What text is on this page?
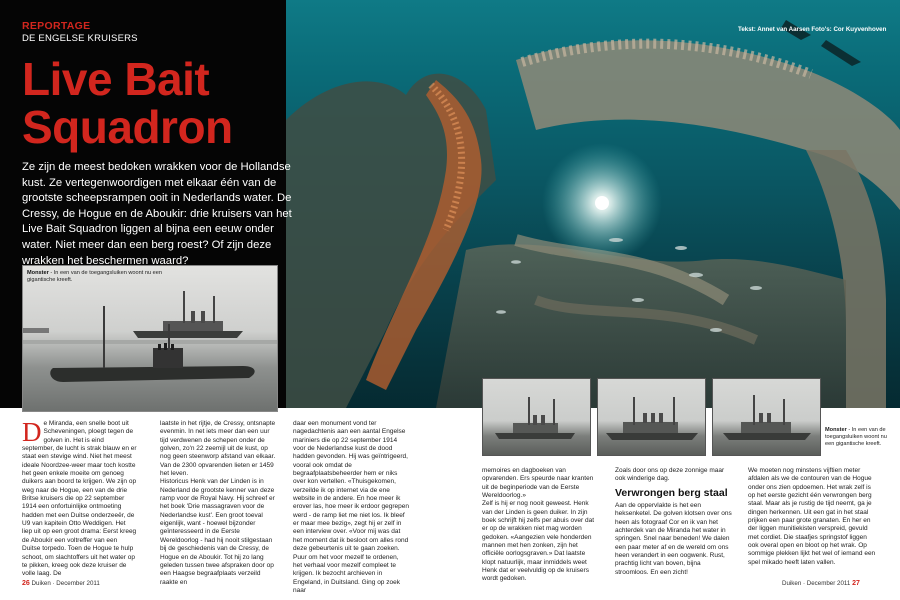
REPORTAGE
DE ENGELSE KRUISERS
Live Bait
Squadron
Ze zijn de meest bedoken wrakken voor de Hollandse kust. Ze vertegenwoordigen met elkaar één van de grootste scheepsrampen ooit in Nederlands water. De Cressy, de Hogue en de Aboukir: drie kruisers van het Live Bait Squadron liggen al bijna een eeuw onder water. Niet meer dan een berg roest? Of zijn deze wrakken het beschermen waard?
Tekst: Annet van Aarsen Foto's: Cor Kuyvenhoven
Monster - In een van de toegangsluiken woont nu een gigantische kreeft.
De Miranda, een snelle boot uit Scheveningen, ploegt tegen de golven in. Het is eind september, de lucht is strak blauw en er staat een stevige wind. Niet het meest ideale Noordzee-weer maar toch kostte het geen enkele moeite om genoeg duikers aan boord te krijgen. We zijn op weg naar de Hogue, een van de drie Britse kruisers die op 22 september 1914 een onfortuinlijke ontmoeting hadden met een Duitse onderzeeër, de U9 van kapitein Otto Weddigen. Het liep uit op een groot drama: Eerst kreeg de Aboukir een voltreffer van een Duitse torpedo. Toen de Hogue te hulp schoot, om slachtoffers uit het water op te pikken, kreeg ook deze kruiser de volle laag. De
laatste in het rijtje, de Cressy, ontsnapte evenmin. In net iets meer dan een uur tijd verdwenen de schepen onder de golven, zo'n 22 zeemijl uit de kust, op nog geen steenworp afstand van elkaar. Van de 2300 opvarenden lieten er 1459 het leven.
Historicus Henk van der Linden is in Nederland de grootste kenner van deze ramp voor de Royal Navy. Hij schreef er het boek 'Drie massagraven voor de Nederlandse kust'. Een groot toeval eigenlijk, want - hoewel bijzonder geïnteresseerd in de Eerste Wereldoorlog - had hij nooit stilgestaan bij de geschiedenis van de Cressy, de Hogue en de Aboukir. Tot hij zo lang geleden tussen twee afspraken door op een Haagse begraafplaats verzeild raakte en
daar een monument vond ter nagedachtenis aan een aantal Engelse mariniers die op 22 september 1914 voor de Nederlandse kust de dood hadden gevonden. Hij was geïntrigeerd, vooral ook omdat de begraafplaatsbeheerder hem er niks over kon vertellen. «Thuisgekomen, verzeilde ik op internet via de ene website in de andere. En hoe meer ik erover las, hoe meer ik erdoor gegrepen werd - de ramp liet me niet los. Ik bleef er maar mee bezig», zegt hij er zelf in een interview over. «Voor mij was dat het moment dat ik besloot om alles rond deze gebeurtenis uit te gaan zoeken. Puur om het voor mezelf te ordenen, het verhaal voor mezelf compleet te krijgen. Ik bezocht archieven in Engeland, in Duitsland. Ging op zoek naar
memoires en dagboeken van opvarenden. Ers speurde naar kranten uit de beginperiode van de Eerste Wereldoorlog.»
Zelf is hij er nog nooit geweest. Henk van der Linden is geen duiker. In zijn boek schrijft hij zelfs per abuis over dat er op de wrakken niet mag worden gedoken. «Aangezien vele honderden mannen met hen zonken, zijn het officiële oorlogsgraven.» Dat laatste klopt natuurlijk, maar inmiddels weet Henk dat er veelvuldig op de kruisers wordt gedoken.
Zoals door ons op deze zonnige maar ook winderige dag.
Verwrongen berg staal
Aan de oppervlakte is het een heksenketel. De golven klotsen over ons heen als fotograaf Cor en ik van het achterdek van de Miranda het water in springen. Snel naar beneden! We dalen een paar meter af en de wereld om ons heen verandert in een oogwenk. Rust, prachtig licht van boven, bijna stroomloos. En een zicht!
We moeten nog minstens vijftien meter afdalen als we de contouren van de Hogue onder ons zien opdoemen. Het wrak zelf is op het eerste gezicht één verwrongen berg staal. Maar als je rustig de tijd neemt, ga je dingen herkennen. Uit een gat in het staal prijken een paar grote granaten. En her en der liggen munitiekisten verspreid, gevuld met cordiet. Die staafjes springstof liggen ook overal open en bloot op het wrak. Op sommige plekken lijkt het wel of iemand een spel mikado heeft laten vallen.
Monster - In een van de toegangsluiken woont nu een gigantische kreeft.
26 Duiken · December 2011	Duiken · December 2011 27
